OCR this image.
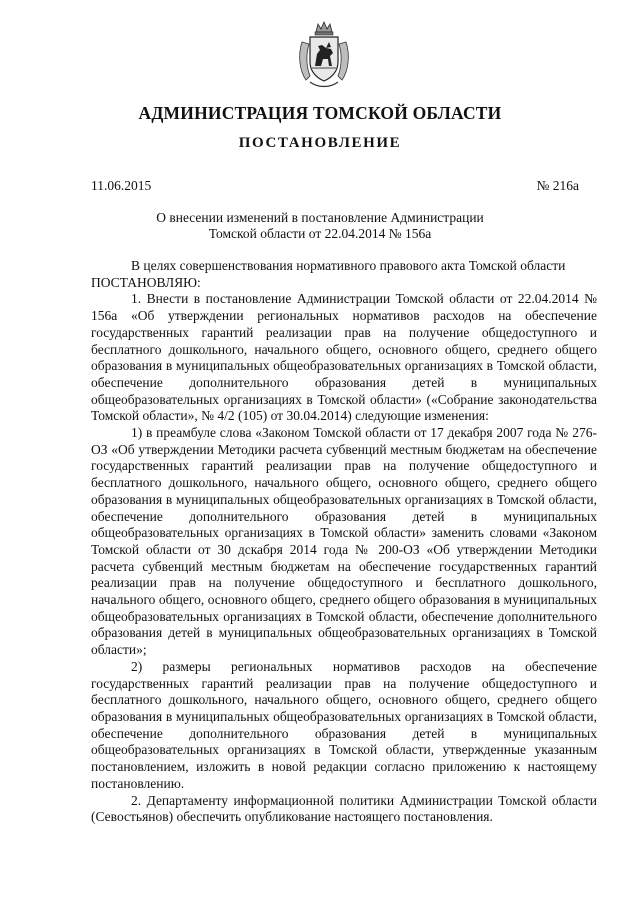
АДМИНИСТРАЦИЯ ТОМСКОЙ ОБЛАСТИ
ПОСТАНОВЛЕНИЕ
11.06.2015	№ 216а
О внесении изменений в постановление Администрации
Томской области от 22.04.2014 № 156а

В целях совершенствования нормативного правового акта Томской области

ПОСТАНОВЛЯЮ:

1. Внести в постановление Администрации Томской области от 22.04.2014 № 156а «Об утверждении региональных нормативов расходов на обеспечение государственных гарантий реализации прав на получение общедоступного и бесплатного дошкольного, начального общего, основного общего, среднего общего образования в муниципальных общеобразовательных организациях в Томской области, обеспечение дополнительного образования детей в муниципальных общеобразовательных организациях в Томской области» («Собрание законодательства Томской области», № 4/2 (105) от 30.04.2014) следующие изменения:

1) в преамбуле слова «Законом Томской области от 17 декабря 2007 года № 276-ОЗ «Об утверждении Методики расчета субвенций местным бюджетам на обеспечение государственных гарантий реализации прав на получение общедоступного и бесплатного дошкольного, начального общего, основного общего, среднего общего образования в муниципальных общеобразовательных организациях в Томской области, обеспечение дополнительного образования детей в муниципальных общеобразовательных организациях в Томской области» заменить словами «Законом Томской области от 30 дскабря 2014 года № 200-ОЗ «Об утверждении Методики расчета субвенций местным бюджетам на обеспечение государственных гарантий реализации прав на получение общедоступного и бесплатного дошкольного, начального общего, основного общего, среднего общего образования в муниципальных общеобразовательных организациях в Томской области, обеспечение дополнительного образования детей в муниципальных общеобразовательных организациях в Томской области»;

2) размеры региональных нормативов расходов на обеспечение государственных гарантий реализации прав на получение общедоступного и бесплатного дошкольного, начального общего, основного общего, среднего общего образования в муниципальных общеобразовательных организациях в Томской области, обеспечение дополнительного образования детей в муниципальных общеобразовательных организациях в Томской области, утвержденные указанным постановлением, изложить в новой редакции согласно приложению к настоящему постановлению.

2. Департаменту информационной политики Администрации Томской области (Севостьянов) обеспечить опубликование настоящего постановления.
